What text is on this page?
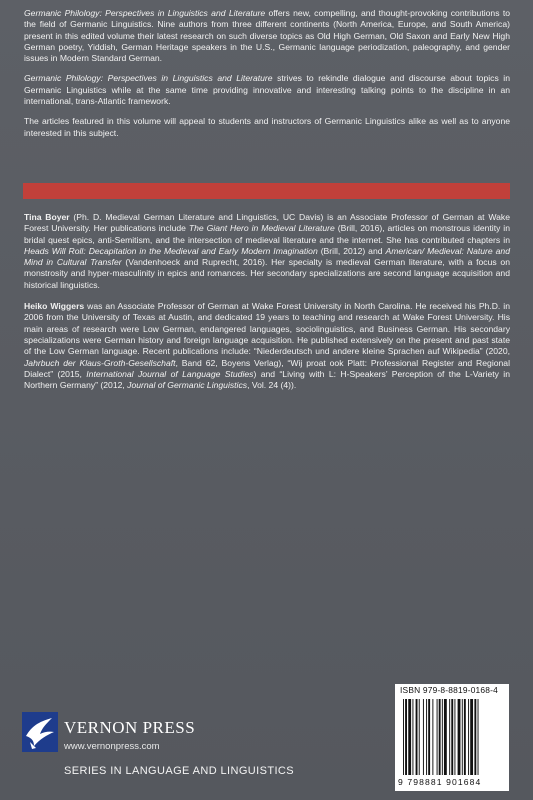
Germanic Philology: Perspectives in Linguistics and Literature offers new, compelling, and thought-provoking contributions to the field of Germanic Linguistics. Nine authors from three different continents (North America, Europe, and South America) present in this edited volume their latest research on such diverse topics as Old High German, Old Saxon and Early New High German poetry, Yiddish, German Heritage speakers in the U.S., Germanic language periodization, paleography, and gender issues in Modern Standard German.

Germanic Philology: Perspectives in Linguistics and Literature strives to rekindle dialogue and discourse about topics in Germanic Linguistics while at the same time providing innovative and interesting talking points to the discipline in an international, trans-Atlantic framework.

The articles featured in this volume will appeal to students and instructors of Germanic Linguistics alike as well as to anyone interested in this subject.

Tina Boyer (Ph. D. Medieval German Literature and Linguistics, UC Davis) is an Associate Professor of German at Wake Forest University. Her publications include The Giant Hero in Medieval Literature (Brill, 2016), articles on monstrous identity in bridal quest epics, anti-Semitism, and the intersection of medieval literature and the internet. She has contributed chapters in Heads Will Roll: Decapitation in the Medieval and Early Modern Imagination (Brill, 2012) and American/ Medieval: Nature and Mind in Cultural Transfer (Vandenhoeck and Ruprecht, 2016). Her specialty is medieval German literature, with a focus on monstrosity and hyper-masculinity in epics and romances. Her secondary specializations are second language acquisition and historical linguistics.

Heiko Wiggers was an Associate Professor of German at Wake Forest University in North Carolina. He received his Ph.D. in 2006 from the University of Texas at Austin, and dedicated 19 years to teaching and research at Wake Forest University. His main areas of research were Low German, endangered languages, sociolinguistics, and Business German. His secondary specializations were German history and foreign language acquisition. He published extensively on the present and past state of the Low German language. Recent publications include: “Niederdeutsch und andere kleine Sprachen auf Wikipedia” (2020, Jahrbuch der Klaus-Groth-Gesellschaft, Band 62, Boyens Verlag), “Wij proat ook Platt: Professional Register and Regional Dialect” (2015, International Journal of Language Studies) and “Living with L: H-Speakers’ Perception of the L-Variety in Northern Germany” (2012, Journal of Germanic Linguistics, Vol. 24 (4)).

VERNON PRESS
www.vernonpress.com
SERIES IN LANGUAGE AND LINGUISTICS
ISBN 979-8-8819-0168-4
9 798881 901684
